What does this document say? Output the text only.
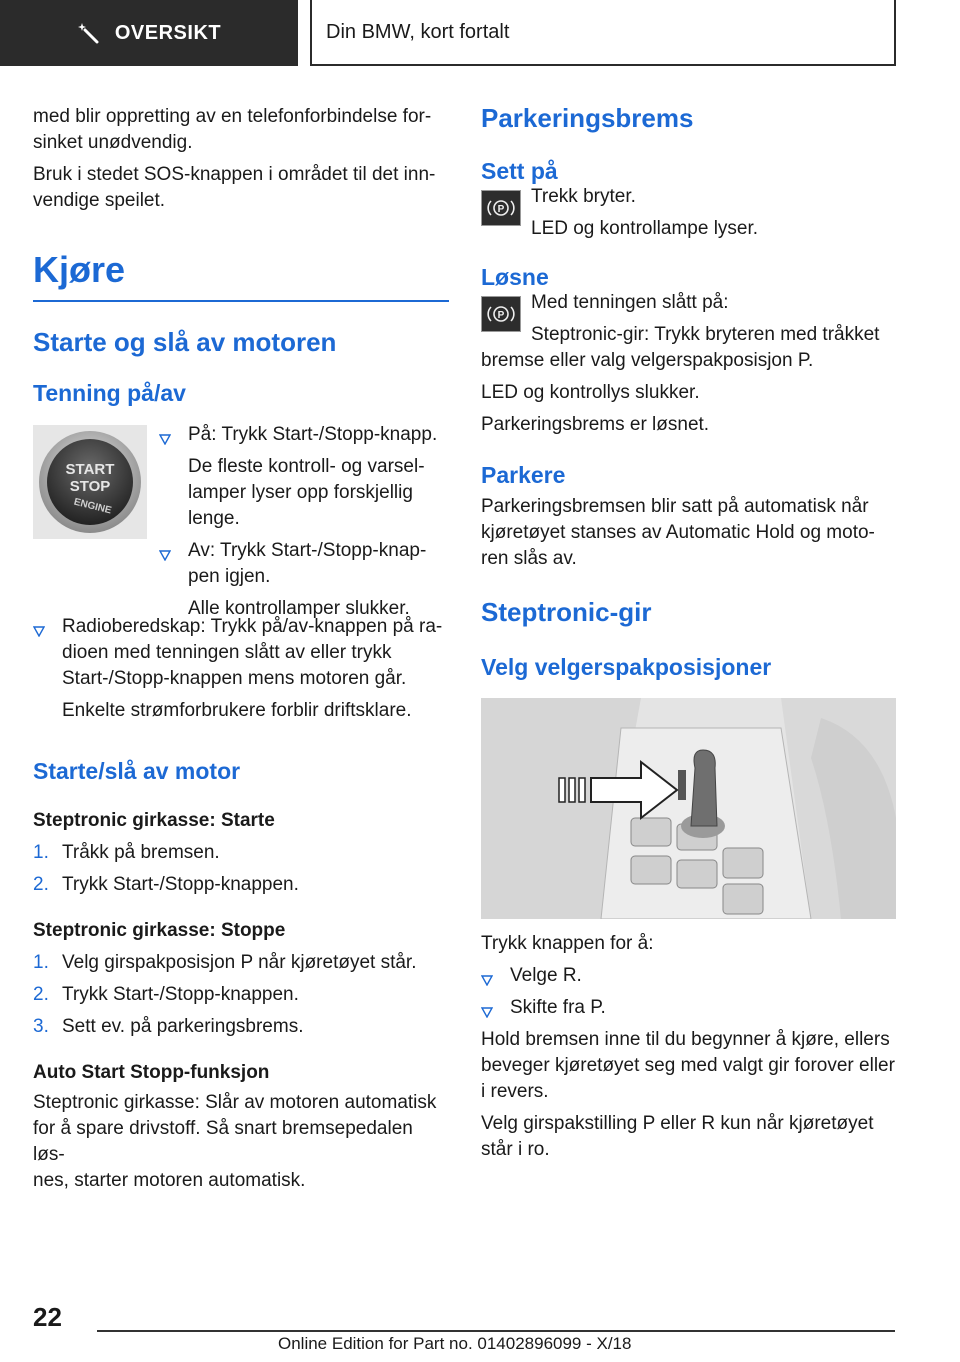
OVERSIKT	Din BMW, kort fortalt

med blir oppretting av en telefonforbindelse for-

sinket unødvendig.

Bruk i stedet SOS-knappen i området til det inn-

vendige speilet.

Kjøre
Starte og slå av motoren
Tenning på/av
START
STOP
ENGINE
På: Trykk Start-/Stopp-knapp.

De fleste kontroll- og varsel-

lamper lyser opp forskjellig

lenge.

Av: Trykk Start-/Stopp-knap-

pen igjen.

Alle kontrollamper slukker.

Radioberedskap: Trykk på/av-knappen på ra-

dioen med tenningen slått av eller trykk

Start-/Stopp-knappen mens motoren går.

Enkelte strømforbrukere forblir driftsklare.

Starte/slå av motor
Steptronic girkasse: Starte
1. Tråkk på bremsen.
2. Trykk Start-/Stopp-knappen.
Steptronic girkasse: Stoppe
1. Velg girspakposisjon P når kjøretøyet står.
2. Trykk Start-/Stopp-knappen.
3. Sett ev. på parkeringsbrems.
Auto Start Stopp-funksjon

Steptronic girkasse: Slår av motoren automatisk

for å spare drivstoff. Så snart bremsepedalen løs-

nes, starter motoren automatisk.

Parkeringsbrems
Sett på
P

Trekk bryter.

LED og kontrollampe lyser.

Løsne
P

Med tenningen slått på:

Steptronic-gir: Trykk bryteren med tråkket

bremse eller valg velgerspakposisjon P.

LED og kontrollys slukker.

Parkeringsbrems er løsnet.

Parkere

Parkeringsbremsen blir satt på automatisk når

kjøretøyet stanses av Automatic Hold og moto-

ren slås av.

Steptronic-gir
Velg velgerspakposisjoner

Trykk knappen for å:

Velge R.
Skifte fra P.

Hold bremsen inne til du begynner å kjøre, ellers

beveger kjøretøyet seg med valgt gir forover eller

i revers.

Velg girspakstilling P eller R kun når kjøretøyet

står i ro.

22
Online Edition for Part no. 01402896099 - X/18
